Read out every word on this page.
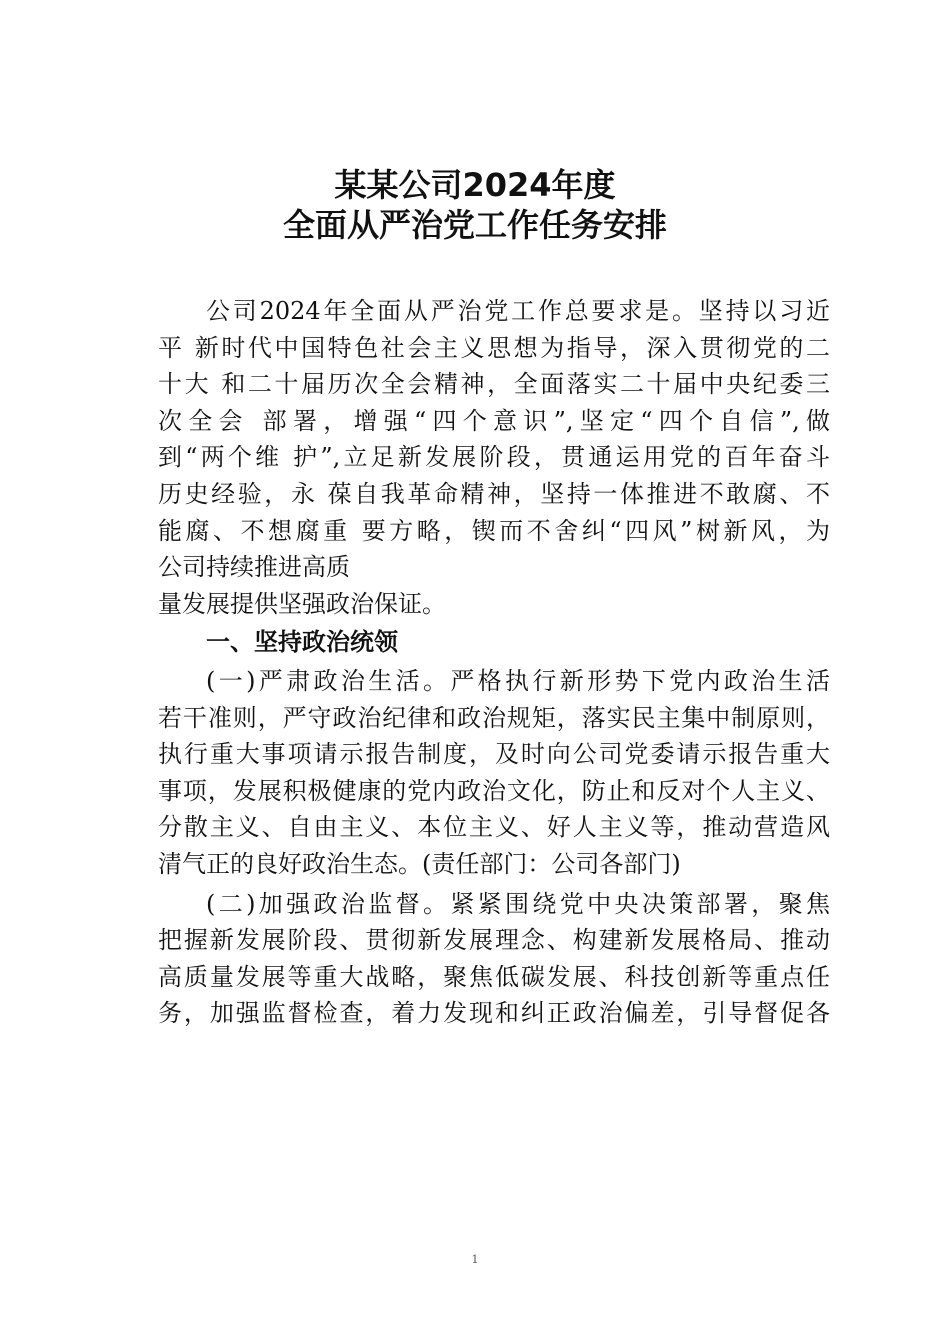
某某公司2024年度
全面从严治党工作任务安排
公司2024年全面从严治党工作总要求是。坚持以习近
平 新时代中国特色社会主义思想为指导，深入贯彻党的二
十大 和二十届历次全会精神，全面落实二十届中央纪委三
次全会 部署，增强“四个意识”,坚定“四个自信”,做
到“两个维 护”,立足新发展阶段，贯通运用党的百年奋斗
历史经验，永 葆自我革命精神，坚持一体推进不敢腐、不
能腐、不想腐重 要方略，锲而不舍纠“四风”树新风，为
公司持续推进高质
量发展提供坚强政治保证。
一、坚持政治统领
(一)严肃政治生活。严格执行新形势下党内政治生活
若干准则，严守政治纪律和政治规矩，落实民主集中制原则，
执行重大事项请示报告制度，及时向公司党委请示报告重大
事项，发展积极健康的党内政治文化，防止和反对个人主义、
分散主义、自由主义、本位主义、好人主义等，推动营造风
清气正的良好政治生态。(责任部门：公司各部门)
(二)加强政治监督。紧紧围绕党中央决策部署，聚焦
把握新发展阶段、贯彻新发展理念、构建新发展格局、推动
高质量发展等重大战略，聚焦低碳发展、科技创新等重点任
务，加强监督检查，着力发现和纠正政治偏差，引导督促各
1
